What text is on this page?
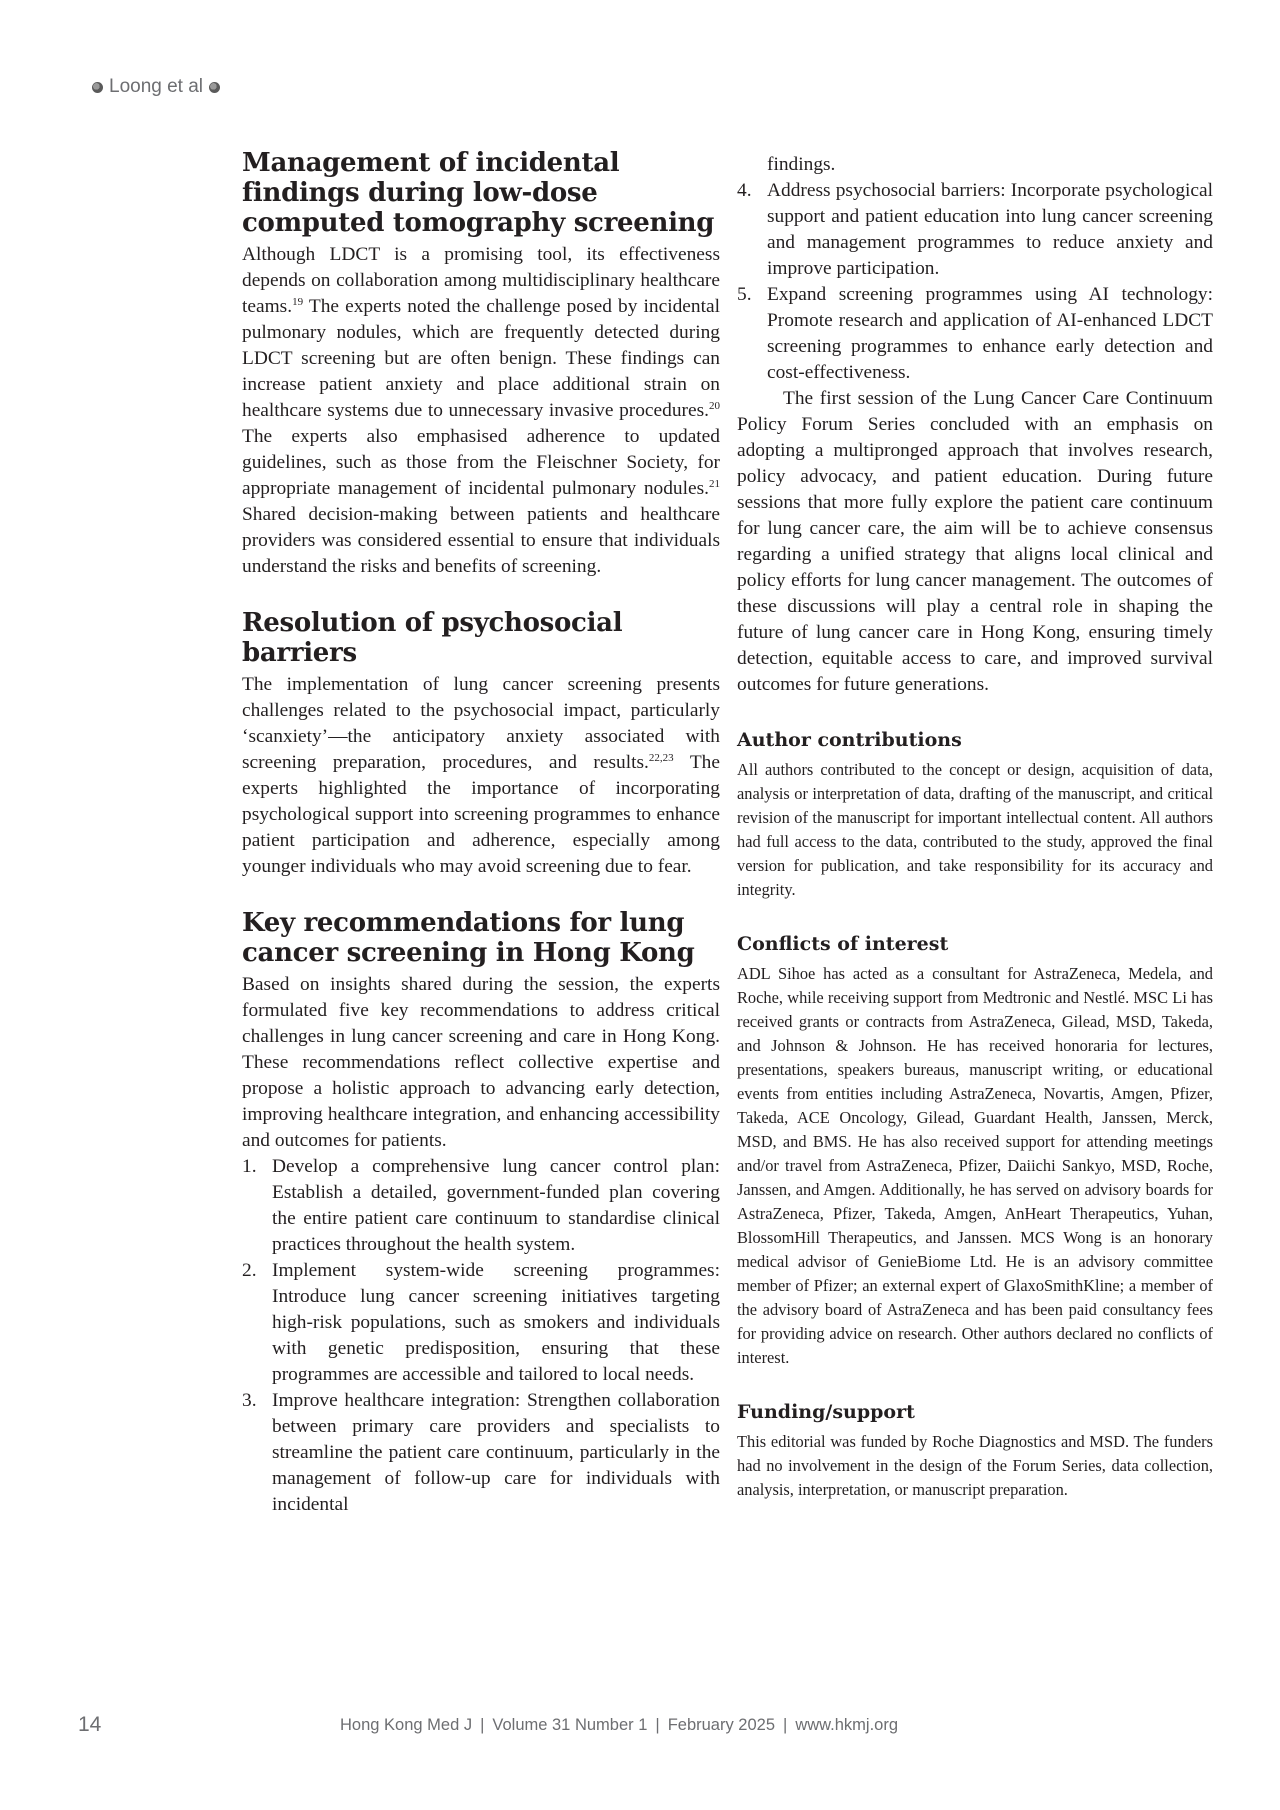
Loong et al
Management of incidental findings during low-dose computed tomography screening

Although LDCT is a promising tool, its effectiveness depends on collaboration among multidisciplinary healthcare teams.$^{19}$ The experts noted the challenge posed by incidental pulmonary nodules, which are frequently detected during LDCT screening but are often benign. These findings can increase patient anxiety and place additional strain on healthcare systems due to unnecessary invasive procedures.$^{20}$ The experts also emphasised adherence to updated guidelines, such as those from the Fleischner Society, for appropriate management of incidental pulmonary nodules.$^{21}$ Shared decision-making between patients and healthcare providers was considered essential to ensure that individuals understand the risks and benefits of screening.

Resolution of psychosocial barriers

The implementation of lung cancer screening presents challenges related to the psychosocial impact, particularly ‘scanxiety’—the anticipatory anxiety associated with screening preparation, procedures, and results.$^{22,23}$ The experts highlighted the importance of incorporating psychological support into screening programmes to enhance patient participation and adherence, especially among younger individuals who may avoid screening due to fear.

Key recommendations for lung cancer screening in Hong Kong

Based on insights shared during the session, the experts formulated five key recommendations to address critical challenges in lung cancer screening and care in Hong Kong. These recommendations reflect collective expertise and propose a holistic approach to advancing early detection, improving healthcare integration, and enhancing accessibility and outcomes for patients.

1. Develop a comprehensive lung cancer control plan: Establish a detailed, government-funded plan covering the entire patient care continuum to standardise clinical practices throughout the health system.
2. Implement system-wide screening programmes: Introduce lung cancer screening initiatives targeting high-risk populations, such as smokers and individuals with genetic predisposition, ensuring that these programmes are accessible and tailored to local needs.
3. Improve healthcare integration: Strengthen collaboration between primary care providers and specialists to streamline the patient care continuum, particularly in the management of follow-up care for individuals with incidental
findings.
4. Address psychosocial barriers: Incorporate psychological support and patient education into lung cancer screening and management programmes to reduce anxiety and improve participation.
5. Expand screening programmes using AI technology: Promote research and application of AI-enhanced LDCT screening programmes to enhance early detection and cost-effectiveness.

The first session of the Lung Cancer Care Continuum Policy Forum Series concluded with an emphasis on adopting a multipronged approach that involves research, policy advocacy, and patient education. During future sessions that more fully explore the patient care continuum for lung cancer care, the aim will be to achieve consensus regarding a unified strategy that aligns local clinical and policy efforts for lung cancer management. The outcomes of these discussions will play a central role in shaping the future of lung cancer care in Hong Kong, ensuring timely detection, equitable access to care, and improved survival outcomes for future generations.

Author contributions

All authors contributed to the concept or design, acquisition of data, analysis or interpretation of data, drafting of the manuscript, and critical revision of the manuscript for important intellectual content. All authors had full access to the data, contributed to the study, approved the final version for publication, and take responsibility for its accuracy and integrity.

Conflicts of interest

ADL Sihoe has acted as a consultant for AstraZeneca, Medela, and Roche, while receiving support from Medtronic and Nestlé. MSC Li has received grants or contracts from AstraZeneca, Gilead, MSD, Takeda, and Johnson & Johnson. He has received honoraria for lectures, presentations, speakers bureaus, manuscript writing, or educational events from entities including AstraZeneca, Novartis, Amgen, Pfizer, Takeda, ACE Oncology, Gilead, Guardant Health, Janssen, Merck, MSD, and BMS. He has also received support for attending meetings and/or travel from AstraZeneca, Pfizer, Daiichi Sankyo, MSD, Roche, Janssen, and Amgen. Additionally, he has served on advisory boards for AstraZeneca, Pfizer, Takeda, Amgen, AnHeart Therapeutics, Yuhan, BlossomHill Therapeutics, and Janssen. MCS Wong is an honorary medical advisor of GenieBiome Ltd. He is an advisory committee member of Pfizer; an external expert of GlaxoSmithKline; a member of the advisory board of AstraZeneca and has been paid consultancy fees for providing advice on research. Other authors declared no conflicts of interest.

Funding/support

This editorial was funded by Roche Diagnostics and MSD. The funders had no involvement in the design of the Forum Series, data collection, analysis, interpretation, or manuscript preparation.

14	Hong Kong Med J | Volume 31 Number 1 | February 2025 | www.hkmj.org
